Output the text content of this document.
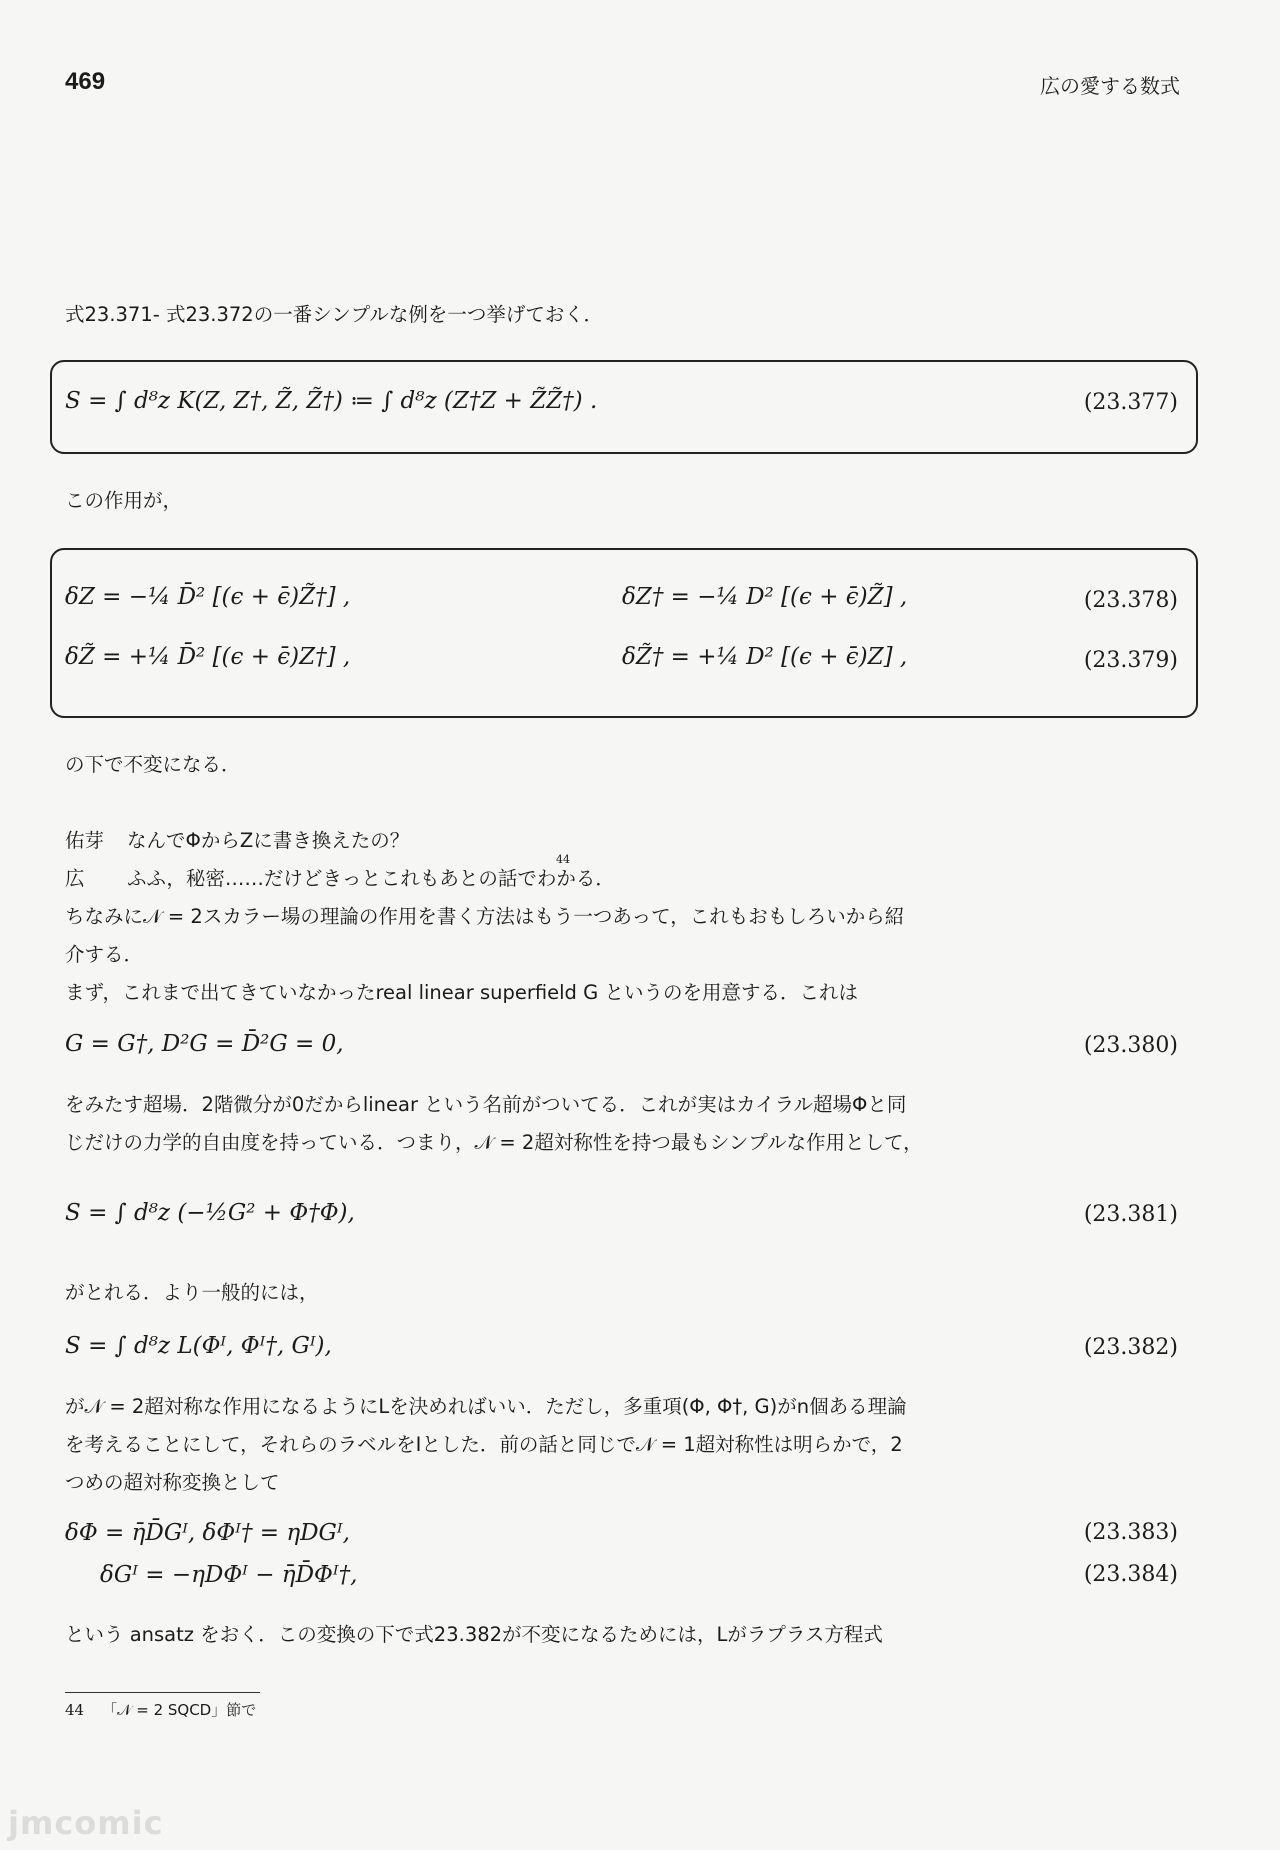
469	広の愛する数式
式23.371- 式23.372の一番シンプルな例を一つ挙げておく．
S = ∫ d⁸z K(Z, Z†, Z̃, Z̃†) ≔ ∫ d⁸z (Z†Z + Z̃Z̃†) .	(23.377)
この作用が，
δZ = −¼ D̄² [(ϵ + ϵ̄)Z̃†] ,	δZ† = −¼ D² [(ϵ + ϵ̄)Z̃] ,	(23.378)
δZ̃ = +¼ D̄² [(ϵ + ϵ̄)Z†] ,	δZ̃† = +¼ D² [(ϵ + ϵ̄)Z] ,	(23.379)
の下で不変になる．
佑芽 なんでΦからZに書き換えたの？
広 ふふ，秘密……だけどきっとこれもあとの話でわかる．
44
ちなみに𝒩 = 2スカラー場の理論の作用を書く方法はもう一つあって，これもおもしろいから紹
介する．
まず，これまで出てきていなかったreal linear superfield G というのを用意する．これは
G = G†, D²G = D̄²G = 0,	(23.380)
をみたす超場．2階微分が0だからlinear という名前がついてる．これが実はカイラル超場Φと同
じだけの力学的自由度を持っている．つまり，𝒩 = 2超対称性を持つ最もシンプルな作用として，
S = ∫ d⁸z (−½G² + Φ†Φ),	(23.381)
がとれる．より一般的には，
S = ∫ d⁸z L(Φᴵ, Φᴵ†, Gᴵ),	(23.382)
が𝒩 = 2超対称な作用になるようにLを決めればいい．ただし，多重項(Φ, Φ†, G)がn個ある理論
を考えることにして，それらのラベルをIとした．前の話と同じで𝒩 = 1超対称性は明らかで，2
つめの超対称変換として
δΦ = η̄D̄Gᴵ, δΦᴵ† = ηDGᴵ,	(23.383)
δGᴵ = −ηDΦᴵ − η̄D̄Φᴵ†,	(23.384)
という ansatz をおく．この変換の下で式23.382が不変になるためには，Lがラプラス方程式
44 「𝒩 = 2 SQCD」節で
jmcomic
